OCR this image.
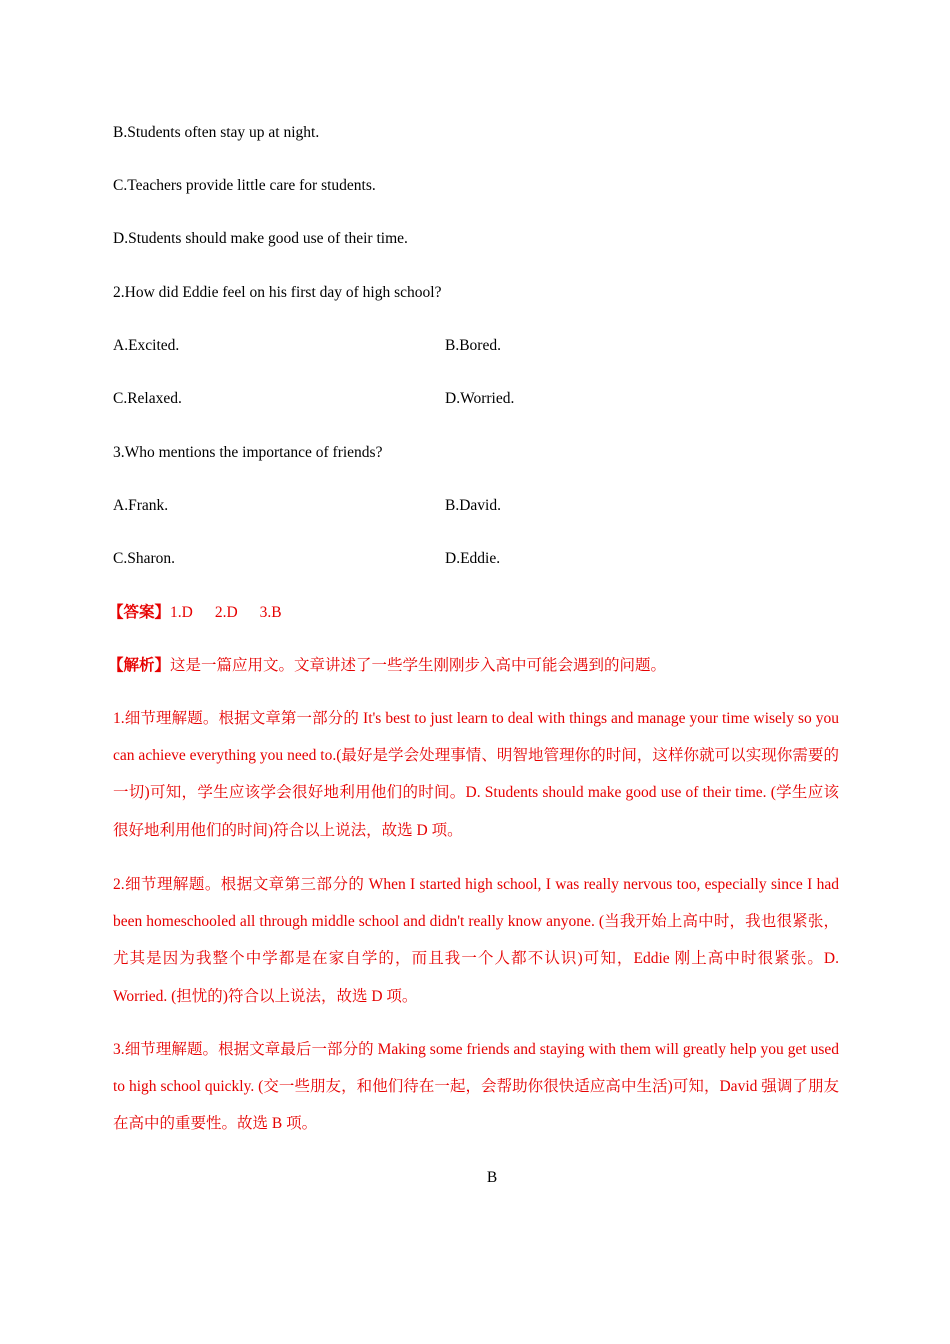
B.Students often stay up at night.
C.Teachers provide little care for students.
D.Students should make good use of their time.
2.How did Eddie feel on his first day of high school?
A.Excited.	B.Bored.
C.Relaxed.	D.Worried.
3.Who mentions the importance of friends?
A.Frank.	B.David.
C.Sharon.	D.Eddie.
【答案】1.D 2.D 3.B
【解析】这是一篇应用文。文章讲述了一些学生刚刚步入高中可能会遇到的问题。
1.细节理解题。根据文章第一部分的 It's best to just learn to deal with things and manage your time wisely so you can achieve everything you need to.(最好是学会处理事情、明智地管理你的时间，这样你就可以实现你需要的一切)可知，学生应该学会很好地利用他们的时间。D. Students should make good use of their time. (学生应该很好地利用他们的时间)符合以上说法，故选 D 项。
2.细节理解题。根据文章第三部分的 When I started high school, I was really nervous too, especially since I had been homeschooled all through middle school and didn't really know anyone. (当我开始上高中时，我也很紧张，尤其是因为我整个中学都是在家自学的，而且我一个人都不认识)可知，Eddie 刚上高中时很紧张。D. Worried. (担忧的)符合以上说法，故选 D 项。
3.细节理解题。根据文章最后一部分的 Making some friends and staying with them will greatly help you get used to high school quickly. (交一些朋友，和他们待在一起，会帮助你很快适应高中生活)可知，David 强调了朋友在高中的重要性。故选 B 项。
B
